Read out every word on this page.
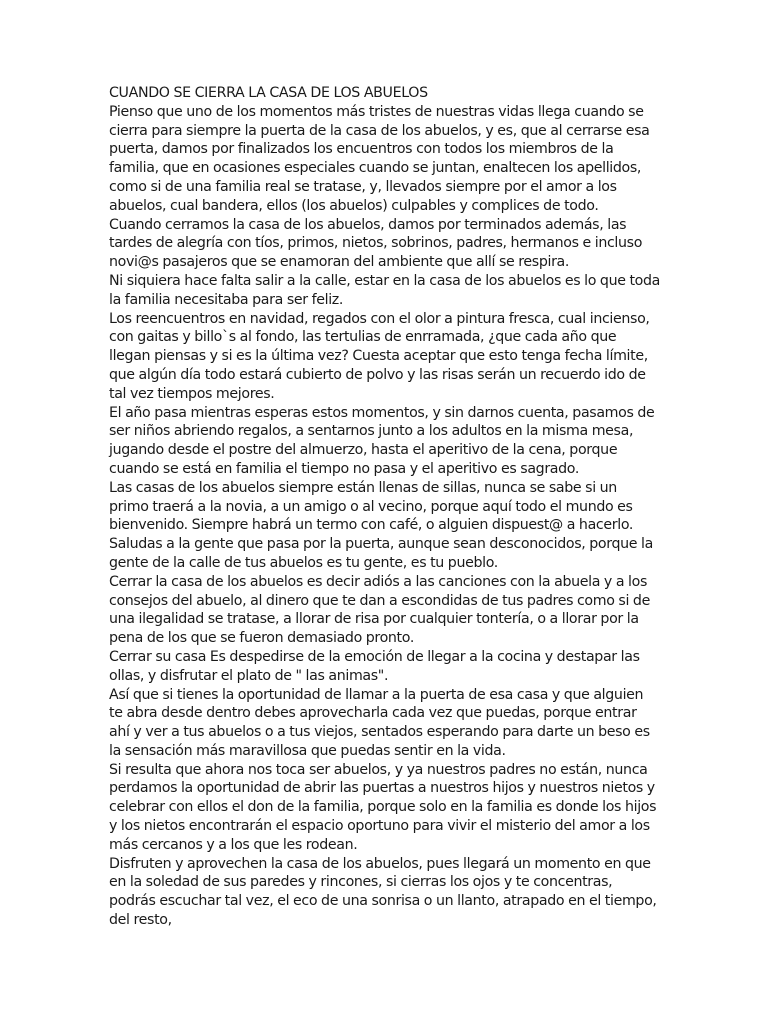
CUANDO SE CIERRA LA CASA DE LOS ABUELOS

Pienso que uno de los momentos más tristes de nuestras vidas llega cuando se cierra para siempre la puerta de la casa de los abuelos, y es, que al cerrarse esa puerta, damos por finalizados los encuentros con todos los miembros de la familia, que en ocasiones especiales cuando se juntan, enaltecen los apellidos, como si de una familia real se tratase, y, llevados siempre por el amor a los abuelos, cual bandera, ellos (los abuelos) culpables y complices de todo.

Cuando cerramos la casa de los abuelos, damos por terminados además, las tardes de alegría con tíos, primos, nietos, sobrinos, padres, hermanos e incluso novi@s pasajeros que se enamoran del ambiente que allí se respira.

Ni siquiera hace falta salir a la calle, estar en la casa de los abuelos es lo que toda la familia necesitaba para ser feliz.

Los reencuentros en navidad, regados con el olor a pintura fresca, cual incienso, con gaitas y billo`s al fondo, las tertulias de enrramada, ¿que cada año que llegan piensas y si es la última vez? Cuesta aceptar que esto tenga fecha límite, que algún día todo estará cubierto de polvo y las risas serán un recuerdo ido de tal vez tiempos mejores.

El año pasa mientras esperas estos momentos, y sin darnos cuenta, pasamos de ser niños abriendo regalos, a sentarnos junto a los adultos en la misma mesa, jugando desde el postre del almuerzo, hasta el aperitivo de la cena, porque cuando se está en familia el tiempo no pasa y el aperitivo es sagrado.

Las casas de los abuelos siempre están llenas de sillas, nunca se sabe si un primo traerá a la novia, a un amigo o al vecino, porque aquí todo el mundo es bienvenido. Siempre habrá un termo con café, o alguien dispuest@ a hacerlo.

Saludas a la gente que pasa por la puerta, aunque sean desconocidos, porque la gente de la calle de tus abuelos es tu gente, es tu pueblo.

Cerrar la casa de los abuelos es decir adiós a las canciones con la abuela y a los consejos del abuelo, al dinero que te dan a escondidas de tus padres como si de una ilegalidad se tratase, a llorar de risa por cualquier tontería, o a llorar por la pena de los que se fueron demasiado pronto.

Cerrar su casa Es despedirse de la emoción de llegar a la cocina y destapar las ollas, y disfrutar el plato de " las animas".

Así que si tienes la oportunidad de llamar a la puerta de esa casa y que alguien te abra desde dentro debes aprovecharla cada vez que puedas, porque entrar ahí y ver a tus abuelos o a tus viejos, sentados esperando para darte un beso es la sensación más maravillosa que puedas sentir en la vida.

Si resulta que ahora nos toca ser abuelos, y ya nuestros padres no están, nunca perdamos la oportunidad de abrir las puertas a nuestros hijos y nuestros nietos y celebrar con ellos el don de la familia, porque solo en la familia es donde los hijos y los nietos encontrarán el espacio oportuno para vivir el misterio del amor a los más cercanos y a los que les rodean.

Disfruten y aprovechen la casa de los abuelos, pues llegará un momento en que en la soledad de sus paredes y rincones, si cierras los ojos y te concentras, podrás escuchar tal vez, el eco de una sonrisa o un llanto, atrapado en el tiempo, del resto,
